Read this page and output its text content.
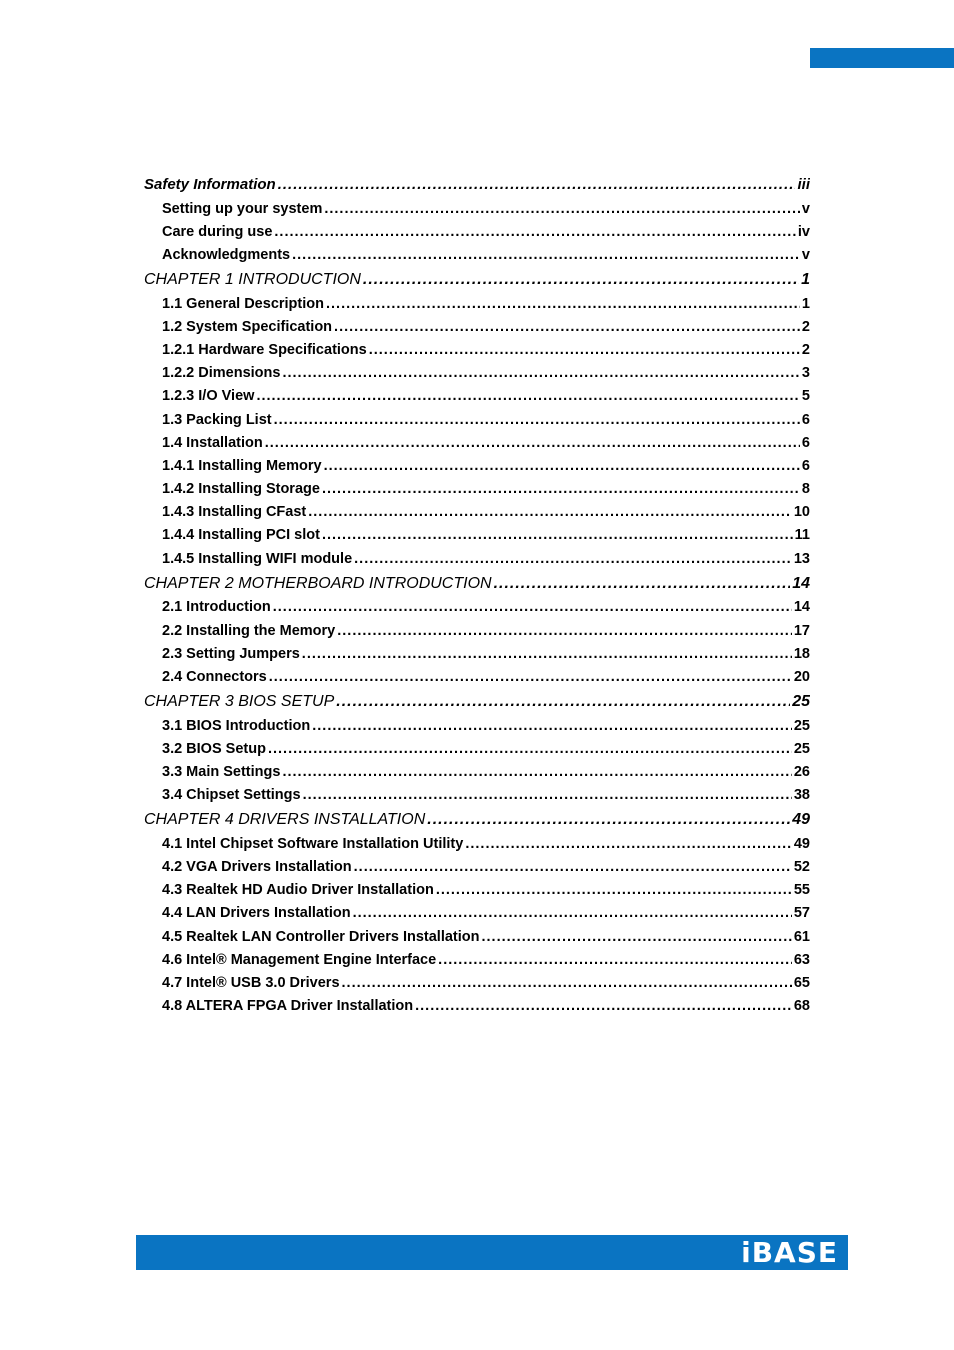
Safety Information .....	iii
Setting up your system .....	v
Care during use .....	iv
Acknowledgments .....	v
CHAPTER 1 INTRODUCTION .....	1
1.1 General Description .....	1
1.2 System Specification .....	2
1.2.1 Hardware Specifications .....	2
1.2.2 Dimensions .....	3
1.2.3 I/O View .....	5
1.3 Packing List .....	6
1.4 Installation .....	6
1.4.1 Installing Memory .....	6
1.4.2 Installing Storage .....	8
1.4.3 Installing CFast .....	10
1.4.4 Installing PCI slot .....	11
1.4.5 Installing WIFI module .....	13
CHAPTER 2 MOTHERBOARD INTRODUCTION .....	14
2.1 Introduction .....	14
2.2 Installing the Memory .....	17
2.3 Setting Jumpers .....	18
2.4 Connectors .....	20
CHAPTER 3 BIOS SETUP .....	25
3.1 BIOS Introduction .....	25
3.2 BIOS Setup .....	25
3.3 Main Settings .....	26
3.4 Chipset Settings .....	38
CHAPTER 4 DRIVERS INSTALLATION .....	49
4.1 Intel Chipset Software Installation Utility .....	49
4.2 VGA Drivers Installation .....	52
4.3 Realtek HD Audio Driver Installation .....	55
4.4 LAN Drivers Installation .....	57
4.5 Realtek LAN Controller Drivers Installation .....	61
4.6 Intel® Management Engine Interface .....	63
4.7 Intel® USB 3.0 Drivers .....	65
4.8 ALTERA FPGA Driver Installation .....	68
iBASE
